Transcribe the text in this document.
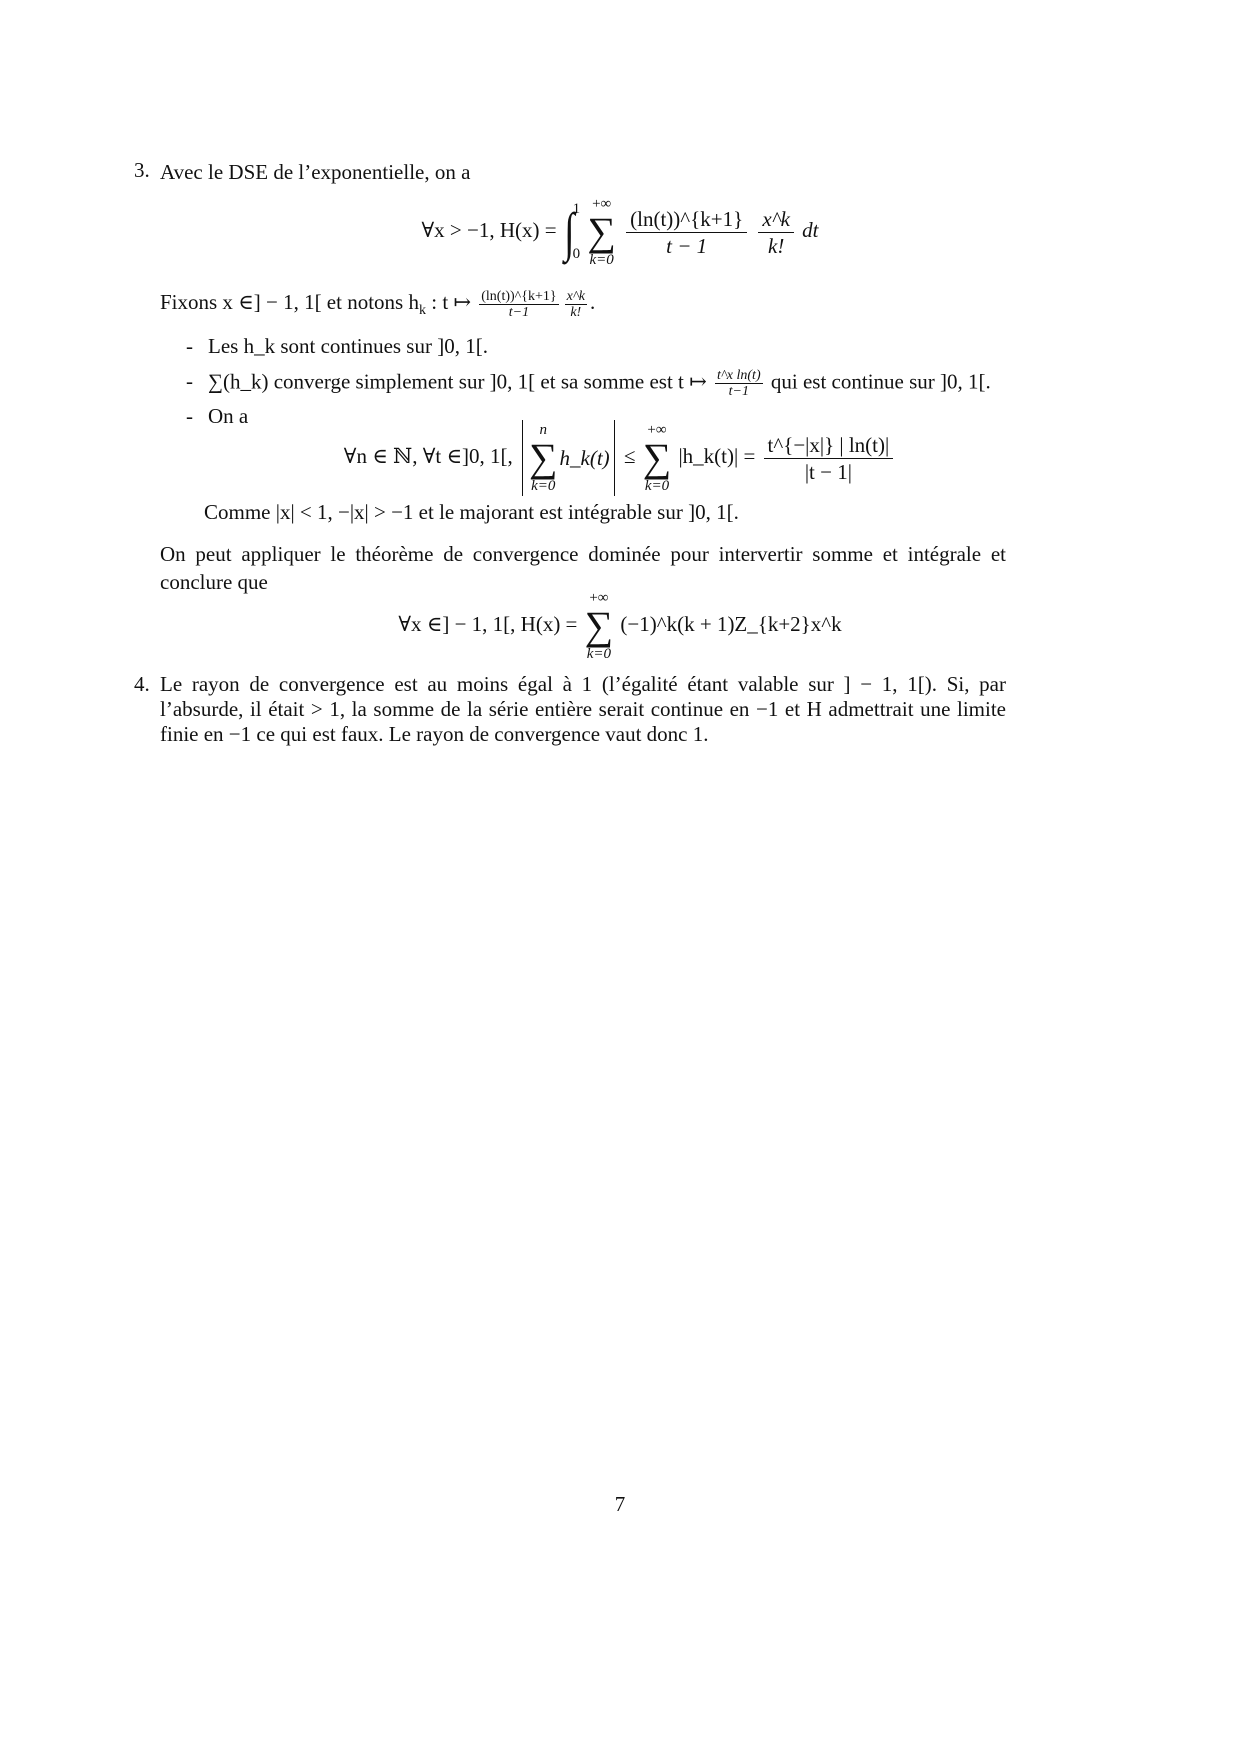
3. Avec le DSE de l’exponentielle, on a
∀x > −1, H(x) = ∫
1
0

+∞
∑
k=0

$\frac{(\ln(t))\^{}\{k+1\}}{t - 1}$
$\frac{x\^{}k}{k!}$ dt
Fixons x ∈] − 1, 1[ et notons $h_k$ : t ↦ $\frac{(\ln(t))\^{}\{k+1\}}{t-1} \frac{x\^{}k}{k!}$ .
- Les h_k sont continues sur ]0, 1[.
- ∑(h_k) converge simplement sur ]0, 1[ et sa somme est t ↦ $\frac{\text{t\textasciicircum{}x ln(t)}}{t-1}$ qui est continue sur ]0, 1[.
- On a
∀n ∈ ℕ, ∀t ∈]0, 1[,
n
∑
k=0
h_k(t) ≤
+∞
∑
k=0
|h_k(t)| = $\frac{t\^{}\{-|x|\} | \ln(t)|}{|t - 1|}$
Comme |x| < 1, −|x| > −1 et le majorant est intégrable sur ]0, 1[.
On peut appliquer le théorème de convergence dominée pour intervertir somme et intégrale et conclure que
∀x ∈] − 1, 1[, H(x) =
+∞
∑
k=0
(−1)^k(k + 1)Z_{k+2}x^k
4. Le rayon de convergence est au moins égal à 1 (l’égalité étant valable sur ] − 1, 1[). Si, par l’absurde, il était > 1, la somme de la série entière serait continue en −1 et H admettrait une limite finie en −1 ce qui est faux. Le rayon de convergence vaut donc 1.
7
